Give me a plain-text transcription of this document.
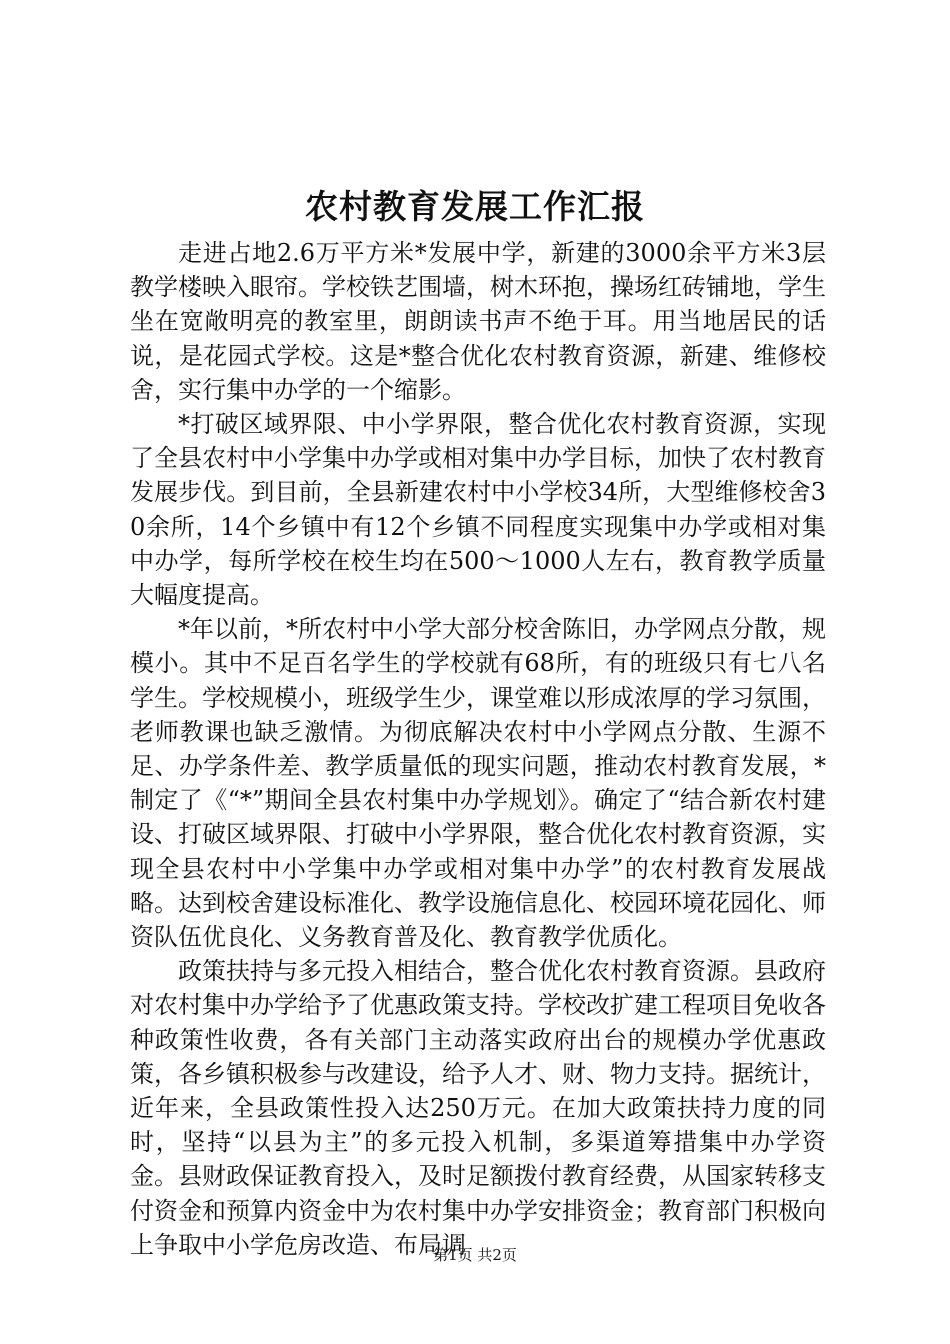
农村教育发展工作汇报

走进占地2.6万平方米*发展中学，新建的3000余平方米3层教学楼映入眼帘。学校铁艺围墙，树木环抱，操场红砖铺地，学生坐在宽敞明亮的教室里，朗朗读书声不绝于耳。用当地居民的话说，是花园式学校。这是*整合优化农村教育资源，新建、维修校舍，实行集中办学的一个缩影。

*打破区域界限、中小学界限，整合优化农村教育资源，实现了全县农村中小学集中办学或相对集中办学目标，加快了农村教育发展步伐。到目前，全县新建农村中小学校34所，大型维修校舍30余所，14个乡镇中有12个乡镇不同程度实现集中办学或相对集中办学，每所学校在校生均在500～1000人左右，教育教学质量大幅度提高。

*年以前，*所农村中小学大部分校舍陈旧，办学网点分散，规模小。其中不足百名学生的学校就有68所，有的班级只有七八名学生。学校规模小，班级学生少，课堂难以形成浓厚的学习氛围，老师教课也缺乏激情。为彻底解决农村中小学网点分散、生源不足、办学条件差、教学质量低的现实问题，推动农村教育发展，*制定了《“*”期间全县农村集中办学规划》。确定了“结合新农村建设、打破区域界限、打破中小学界限，整合优化农村教育资源，实现全县农村中小学集中办学或相对集中办学”的农村教育发展战略。达到校舍建设标准化、教学设施信息化、校园环境花园化、师资队伍优良化、义务教育普及化、教育教学优质化。

政策扶持与多元投入相结合，整合优化农村教育资源。县政府对农村集中办学给予了优惠政策支持。学校改扩建工程项目免收各种政策性收费，各有关部门主动落实政府出台的规模办学优惠政策，各乡镇积极参与改建设，给予人才、财、物力支持。据统计，近年来，全县政策性投入达250万元。在加大政策扶持力度的同时，坚持“以县为主”的多元投入机制，多渠道筹措集中办学资金。县财政保证教育投入，及时足额拨付教育经费，从国家转移支付资金和预算内资金中为农村集中办学安排资金；教育部门积极向上争取中小学危房改造、布局调

第1页 共2页
